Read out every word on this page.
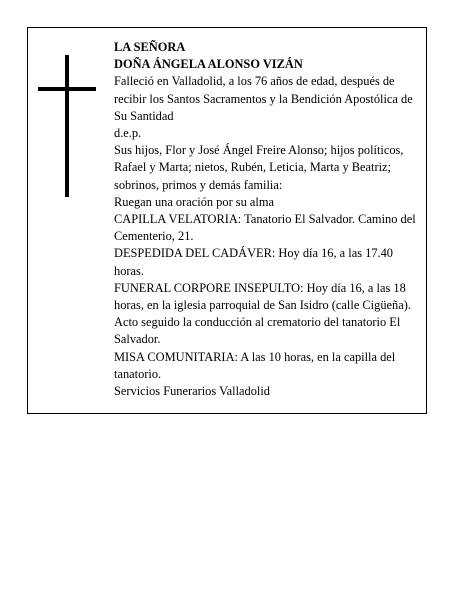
LA SEÑORA

DOÑA ÁNGELA ALONSO VIZÁN

Falleció en Valladolid, a los 76 años de edad, después de recibir los Santos Sacramentos y la Bendición Apostólica de Su Santidad

d.e.p.

Sus hijos, Flor y José Ángel Freire Alonso; hijos políticos, Rafael y Marta; nietos, Rubén, Leticia, Marta y Beatriz; sobrinos, primos y demás familia:

Ruegan una oración por su alma

CAPILLA VELATORIA: Tanatorio El Salvador. Camino del Cementerio, 21.

DESPEDIDA DEL CADÁVER: Hoy día 16, a las 17.40 horas.

FUNERAL CORPORE INSEPULTO: Hoy día 16, a las 18 horas, en la iglesia parroquial de San Isidro (calle Cigüeña). Acto seguido la conducción al crematorio del tanatorio El Salvador.

MISA COMUNITARIA: A las 10 horas, en la capilla del tanatorio.

Servicios Funerarios Valladolid
